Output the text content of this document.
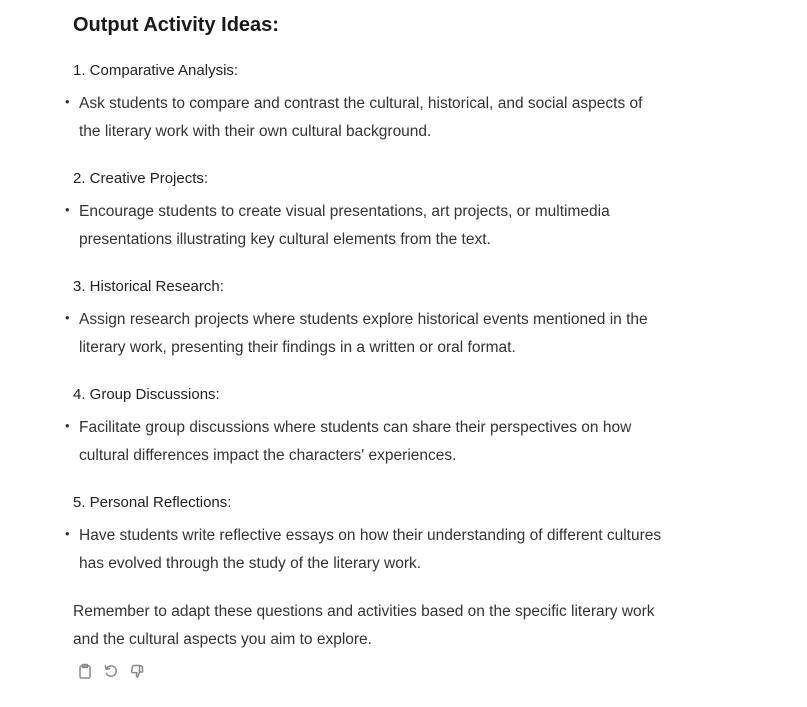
Output Activity Ideas:
1. Comparative Analysis:
• Ask students to compare and contrast the cultural, historical, and social aspects of
the literary work with their own cultural background.
2. Creative Projects:
• Encourage students to create visual presentations, art projects, or multimedia
presentations illustrating key cultural elements from the text.
3. Historical Research:
• Assign research projects where students explore historical events mentioned in the
literary work, presenting their findings in a written or oral format.
4. Group Discussions:
• Facilitate group discussions where students can share their perspectives on how
cultural differences impact the characters' experiences.
5. Personal Reflections:
• Have students write reflective essays on how their understanding of different cultures
has evolved through the study of the literary work.
Remember to adapt these questions and activities based on the specific literary work
and the cultural aspects you aim to explore.
